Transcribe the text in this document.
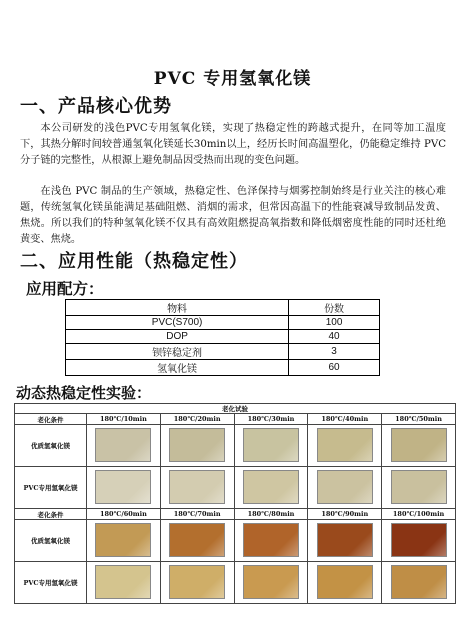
PVC 专用氢氧化镁
一、产品核心优势

本公司研发的浅色PVC专用氢氧化镁，实现了热稳定性的跨越式提升，在同等加工温度下，其热分解时间较普通氢氧化镁延长30min以上，经历长时间高温塑化，仍能稳定维持 PVC 分子链的完整性，从根源上避免制品因受热而出现的变色问题。

在浅色 PVC 制品的生产领域，热稳定性、色泽保持与烟雾控制始终是行业关注的核心难题，传统氢氧化镁虽能满足基础阻燃、消烟的需求，但常因高温下的性能衰减导致制品发黄、焦烧。所以我们的特种氢氧化镁不仅具有高效阻燃提高氧指数和降低烟密度性能的同时还杜绝黄变、焦烧。

二、应用性能（热稳定性）
应用配方：
物料	份数
PVC(S700)	100
DOP	40
钡锌稳定剂	3
氢氧化镁	60
动态热稳定性实验：
老化试验					
老化条件	180℃/10min	180℃/20min	180℃/30min	180℃/40min	180℃/50min
优质氢氧化镁					
PVC专用氢氧化镁					
老化条件	180℃/60min	180℃/70min	180℃/80min	180℃/90min	180℃/100min
优质氢氧化镁					
PVC专用氢氧化镁					
